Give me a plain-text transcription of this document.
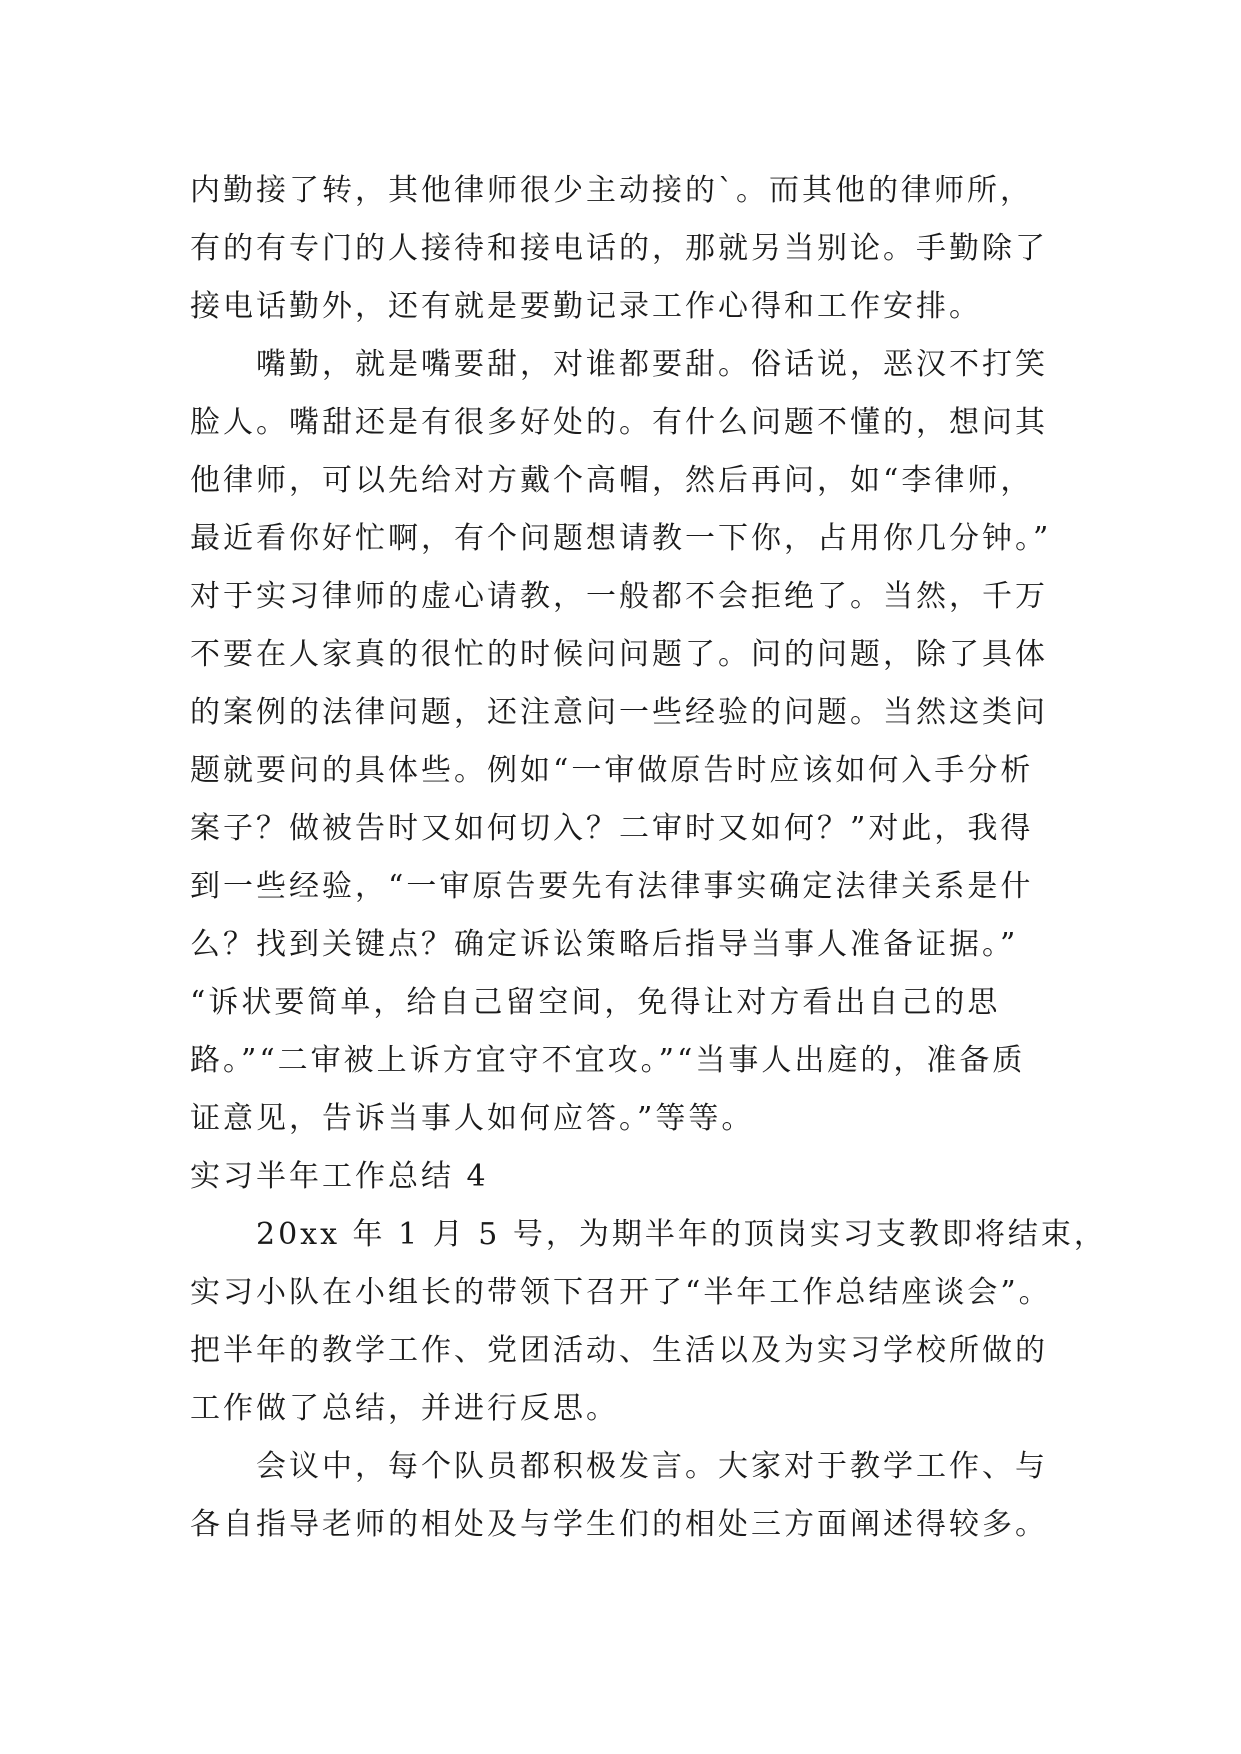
内勤接了转，其他律师很少主动接的`。而其他的律师所，
有的有专门的人接待和接电话的，那就另当别论。手勤除了
接电话勤外，还有就是要勤记录工作心得和工作安排。
嘴勤，就是嘴要甜，对谁都要甜。俗话说，恶汉不打笑
脸人。嘴甜还是有很多好处的。有什么问题不懂的，想问其
他律师，可以先给对方戴个高帽，然后再问，如“李律师，
最近看你好忙啊，有个问题想请教一下你，占用你几分钟。”
对于实习律师的虚心请教，一般都不会拒绝了。当然，千万
不要在人家真的很忙的时候问问题了。问的问题，除了具体
的案例的法律问题，还注意问一些经验的问题。当然这类问
题就要问的具体些。例如“一审做原告时应该如何入手分析
案子？做被告时又如何切入？二审时又如何？”对此，我得
到一些经验，“一审原告要先有法律事实确定法律关系是什
么？找到关键点？确定诉讼策略后指导当事人准备证据。”
“诉状要简单，给自己留空间，免得让对方看出自己的思
路。”“二审被上诉方宜守不宜攻。”“当事人出庭的，准备质
证意见，告诉当事人如何应答。”等等。
实习半年工作总结 4
20xx 年 1 月 5 号，为期半年的顶岗实习支教即将结束，
实习小队在小组长的带领下召开了“半年工作总结座谈会”。
把半年的教学工作、党团活动、生活以及为实习学校所做的
工作做了总结，并进行反思。
会议中，每个队员都积极发言。大家对于教学工作、与
各自指导老师的相处及与学生们的相处三方面阐述得较多。
